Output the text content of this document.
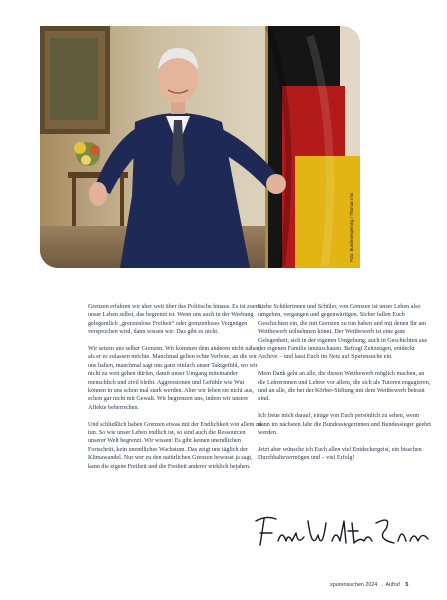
Foto: Bundesregierung / Thomas Imo

Grenzen erfahren wir aber weit über das Politische hinaus. Es ist zuerst unser Leben selbst, das begrenzt ist. Wenn uns auch in der Werbung gelegentlich „grenzenlose Freiheit“ oder grenzenloses Vergnügen versprochen wird, dann wissen wir: Das gibt es nicht.

Wir setzen uns selber Grenzen. Wir kommen dem anderen nicht näher, als er es zulassen möchte. Manchmal gelten echte Verbote, an die wir uns halten, manchmal sagt uns ganz einfach unser Taktgefühl, wo wir nicht zu weit gehen dürfen, damit unser Umgang miteinander menschlich und zivil bleibt. Aggressionen und Gefühle wie Wut können in uns schon mal stark werden. Aber wir leben sie nicht aus, schon gar nicht mit Gewalt. Wir begrenzen uns, indem wir unsere Affekte beherrschen.

Und schließlich haben Grenzen etwas mit der Endlichkeit von allem zu tun. So wie unser Leben endlich ist, so sind auch die Ressourcen unserer Welt begrenzt. Wir wissen: Es gibt keinen unendlichen Fortschritt, kein unendliches Wachstum. Das zeigt uns täglich der Klimawandel. Nur wer zu den natürlichen Grenzen bewusst ja sagt, kann die eigene Freiheit und die Freiheit anderer wirklich bejahen.

Liebe Schülerinnen und Schüler, von Grenzen ist unser Leben also umgeben, vergangen und gegenwärtigen. Sicher fallen Euch Geschichten ein, die mit Grenzen zu tun haben und mit denen Ihr am Wettbewerb teilnehmen könnt. Der Wettbewerb ist eine gute Gelegenheit, sich in der eigenen Umgebung, auch in Geschichten aus der eigenen Familie umzuschauen. Befragt Zeitzeugen, entdeckt Archive – und lasst Euch im Netz auf Spurensuche ein.

Mein Dank geht an alle, die diesen Wettbewerb möglich machen, an die Lehrerinnen und Lehrer vor allem, die sich als Tutoren engagieren, und an alle, die bei der Körber-Stiftung mit dem Wettbewerb betraut sind.

Ich freue mich darauf, einige von Euch persönlich zu sehen, wenn dann im nächsten Jahr die Bundessiegerinnen und Bundessieger geehrt werden.

Jetzt aber wünsche ich Euch allen viel Entdeckergeist, ein bisschen Durchhaltevermögen und – viel Erfolg!

spurensuchen 2024 → Aufruf 5
